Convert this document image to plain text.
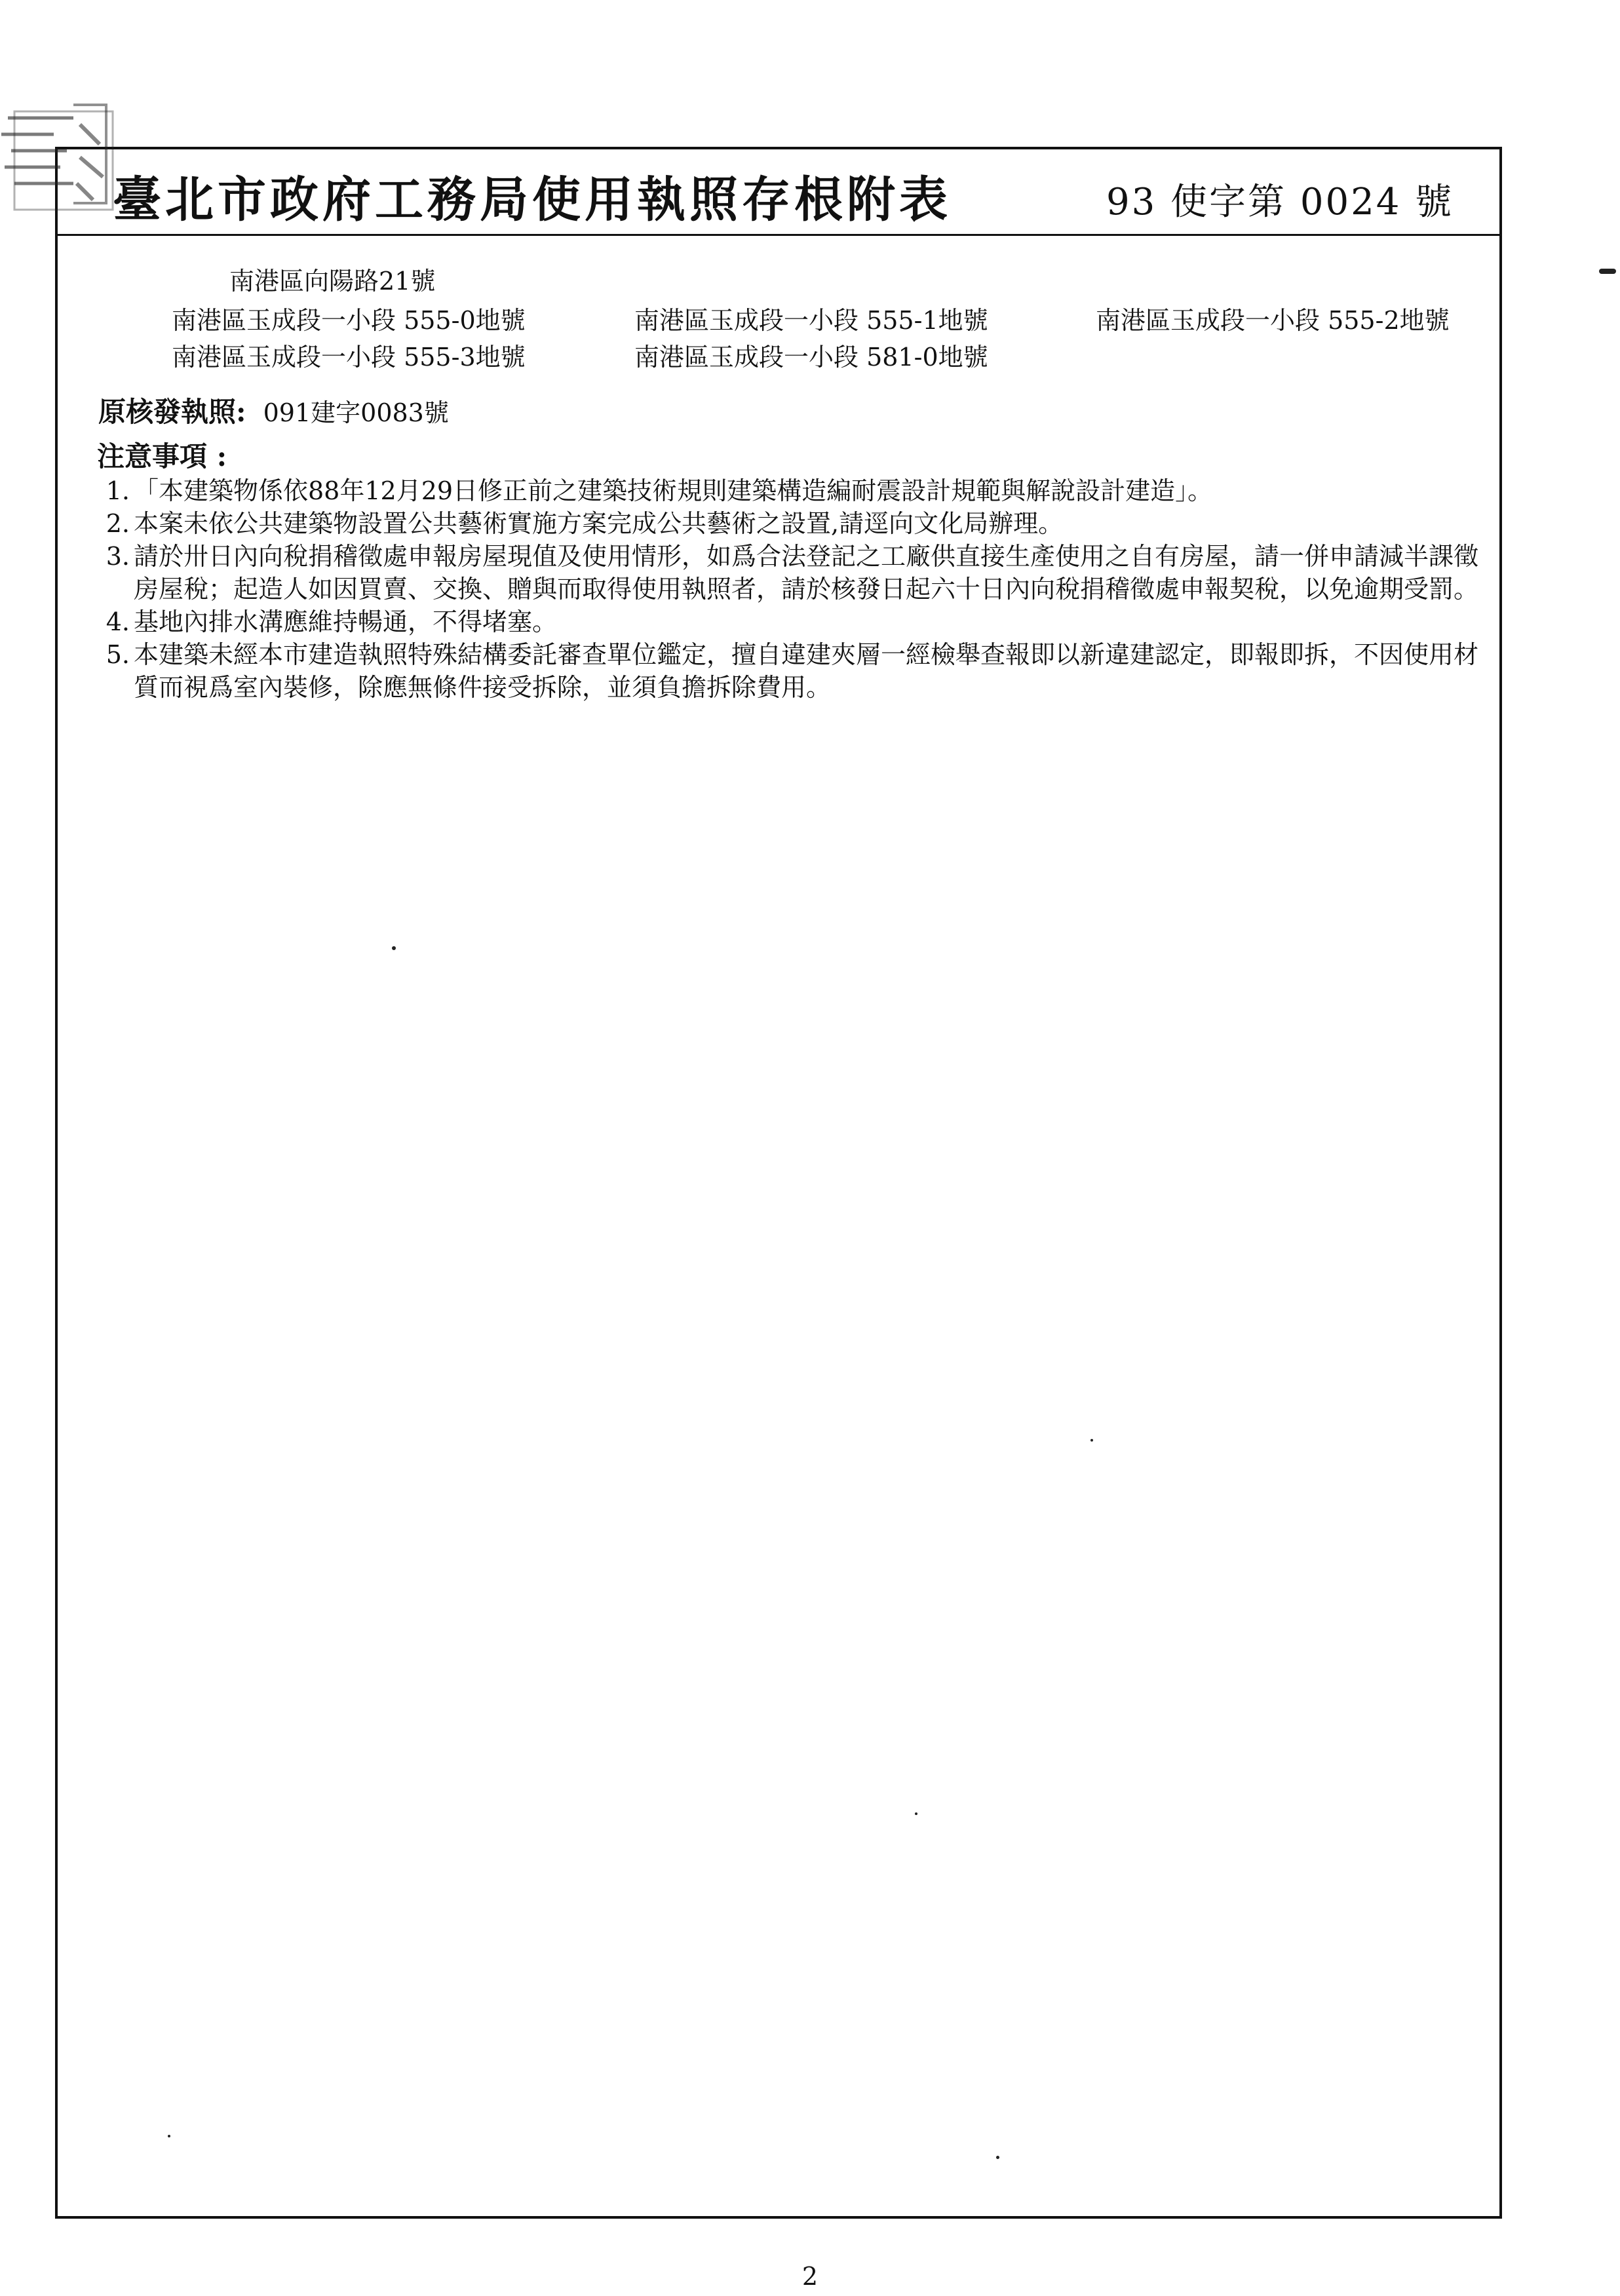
臺北市政府工務局使用執照存根附表	93 使字第 0024 號
南港區向陽路21號
南港區玉成段一小段 555-0地號	南港區玉成段一小段 555-1地號	南港區玉成段一小段 555-2地號
南港區玉成段一小段 555-3地號	南港區玉成段一小段 581-0地號
原核發執照: 091建字0083號
注意事項 :
1. 「本建築物係依88年12月29日修正前之建築技術規則建築構造編耐震設計規範與解說設計建造」。
2. 本案未依公共建築物設置公共藝術實施方案完成公共藝術之設置,請逕向文化局辦理。
3. 請於卅日內向稅捐稽徵處申報房屋現值及使用情形，如爲合法登記之工廠供直接生產使用之自有房屋，請一併申請減半課徵房屋稅；起造人如因買賣、交換、贈與而取得使用執照者，請於核發日起六十日內向稅捐稽徵處申報契稅，以免逾期受罰。
4. 基地內排水溝應維持暢通，不得堵塞。
5. 本建築未經本市建造執照特殊結構委託審查單位鑑定，擅自違建夾層一經檢舉查報即以新違建認定，即報即拆，不因使用材質而視爲室內裝修，除應無條件接受拆除，並須負擔拆除費用。
2
